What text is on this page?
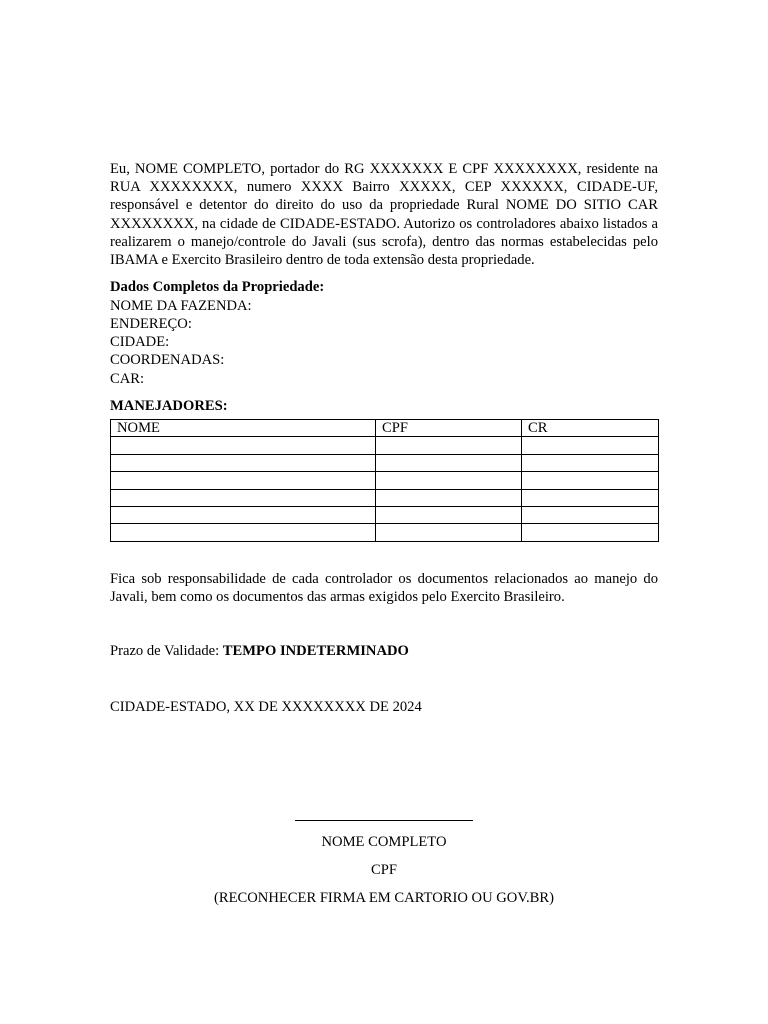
Eu, NOME COMPLETO, portador do RG XXXXXXX E CPF XXXXXXXX, residente na RUA XXXXXXXX, numero XXXX Bairro XXXXX, CEP XXXXXX, CIDADE-UF, responsável e detentor do direito do uso da propriedade Rural NOME DO SITIO CAR XXXXXXXX, na cidade de CIDADE-ESTADO. Autorizo os controladores abaixo listados a realizarem o manejo/controle do Javali (sus scrofa), dentro das normas estabelecidas pelo IBAMA e Exercito Brasileiro dentro de toda extensão desta propriedade.

Dados Completos da Propriedade:
NOME DA FAZENDA:
ENDEREÇO:
CIDADE:
COORDENADAS:
CAR:
MANEJADORES:
NOME	CPF	CR

Fica sob responsabilidade de cada controlador os documentos relacionados ao manejo do Javali, bem como os documentos das armas exigidos pelo Exercito Brasileiro.

Prazo de Validade: TEMPO INDETERMINADO
CIDADE-ESTADO, XX DE XXXXXXXX DE 2024
NOME COMPLETO
CPF
(RECONHECER FIRMA EM CARTORIO OU GOV.BR)
